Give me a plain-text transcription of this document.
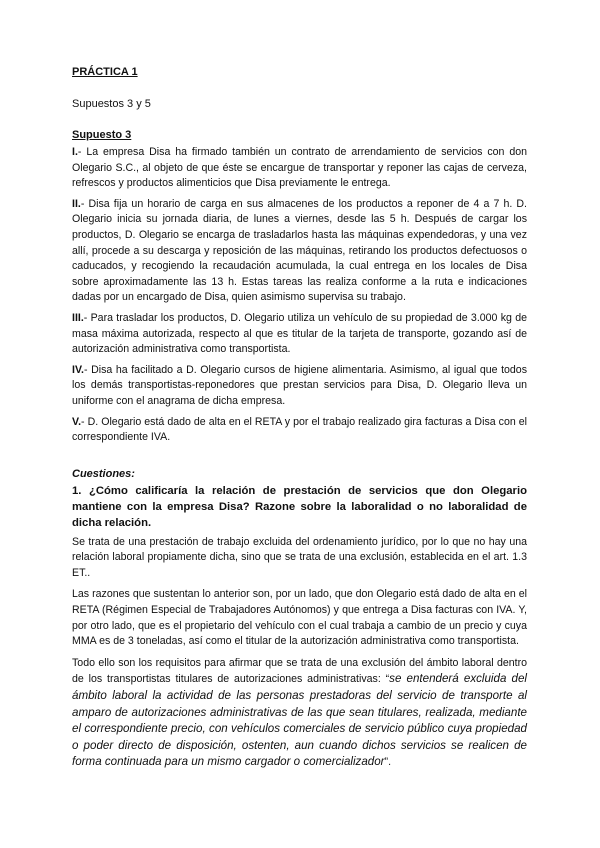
PRÁCTICA 1

Supuestos 3 y 5

Supuesto 3

I.- La empresa Disa ha firmado también un contrato de arrendamiento de servicios con don Olegario S.C., al objeto de que éste se encargue de transportar y reponer las cajas de cerveza, refrescos y productos alimenticios que Disa previamente le entrega.

II.- Disa fija un horario de carga en sus almacenes de los productos a reponer de 4 a 7 h. D. Olegario inicia su jornada diaria, de lunes a viernes, desde las 5 h. Después de cargar los productos, D. Olegario se encarga de trasladarlos hasta las máquinas expendedoras, y una vez allí, procede a su descarga y reposición de las máquinas, retirando los productos defectuosos o caducados, y recogiendo la recaudación acumulada, la cual entrega en los locales de Disa sobre aproximadamente las 13 h. Estas tareas las realiza conforme a la ruta e indicaciones dadas por un encargado de Disa, quien asimismo supervisa su trabajo.

III.- Para trasladar los productos, D. Olegario utiliza un vehículo de su propiedad de 3.000 kg de masa máxima autorizada, respecto al que es titular de la tarjeta de transporte, gozando así de autorización administrativa como transportista.

IV.- Disa ha facilitado a D. Olegario cursos de higiene alimentaria. Asimismo, al igual que todos los demás transportistas-reponedores que prestan servicios para Disa, D. Olegario lleva un uniforme con el anagrama de dicha empresa.

V.- D. Olegario está dado de alta en el RETA y por el trabajo realizado gira facturas a Disa con el correspondiente IVA.

Cuestiones:

1. ¿Cómo calificaría la relación de prestación de servicios que don Olegario mantiene con la empresa Disa? Razone sobre la laboralidad o no laboralidad de dicha relación.

Se trata de una prestación de trabajo excluida del ordenamiento jurídico, por lo que no hay una relación laboral propiamente dicha, sino que se trata de una exclusión, establecida en el art. 1.3 ET..

Las razones que sustentan lo anterior son, por un lado, que don Olegario está dado de alta en el RETA (Régimen Especial de Trabajadores Autónomos) y que entrega a Disa facturas con IVA. Y, por otro lado, que es el propietario del vehículo con el cual trabaja a cambio de un precio y cuya MMA es de 3 toneladas, así como el titular de la autorización administrativa como transportista.

Todo ello son los requisitos para afirmar que se trata de una exclusión del ámbito laboral dentro de los transportistas titulares de autorizaciones administrativas: “se entenderá excluida del ámbito laboral la actividad de las personas prestadoras del servicio de transporte al amparo de autorizaciones administrativas de las que sean titulares, realizada, mediante el correspondiente precio, con vehículos comerciales de servicio público cuya propiedad o poder directo de disposición, ostenten, aun cuando dichos servicios se realicen de forma continuada para un mismo cargador o comercializador”.
